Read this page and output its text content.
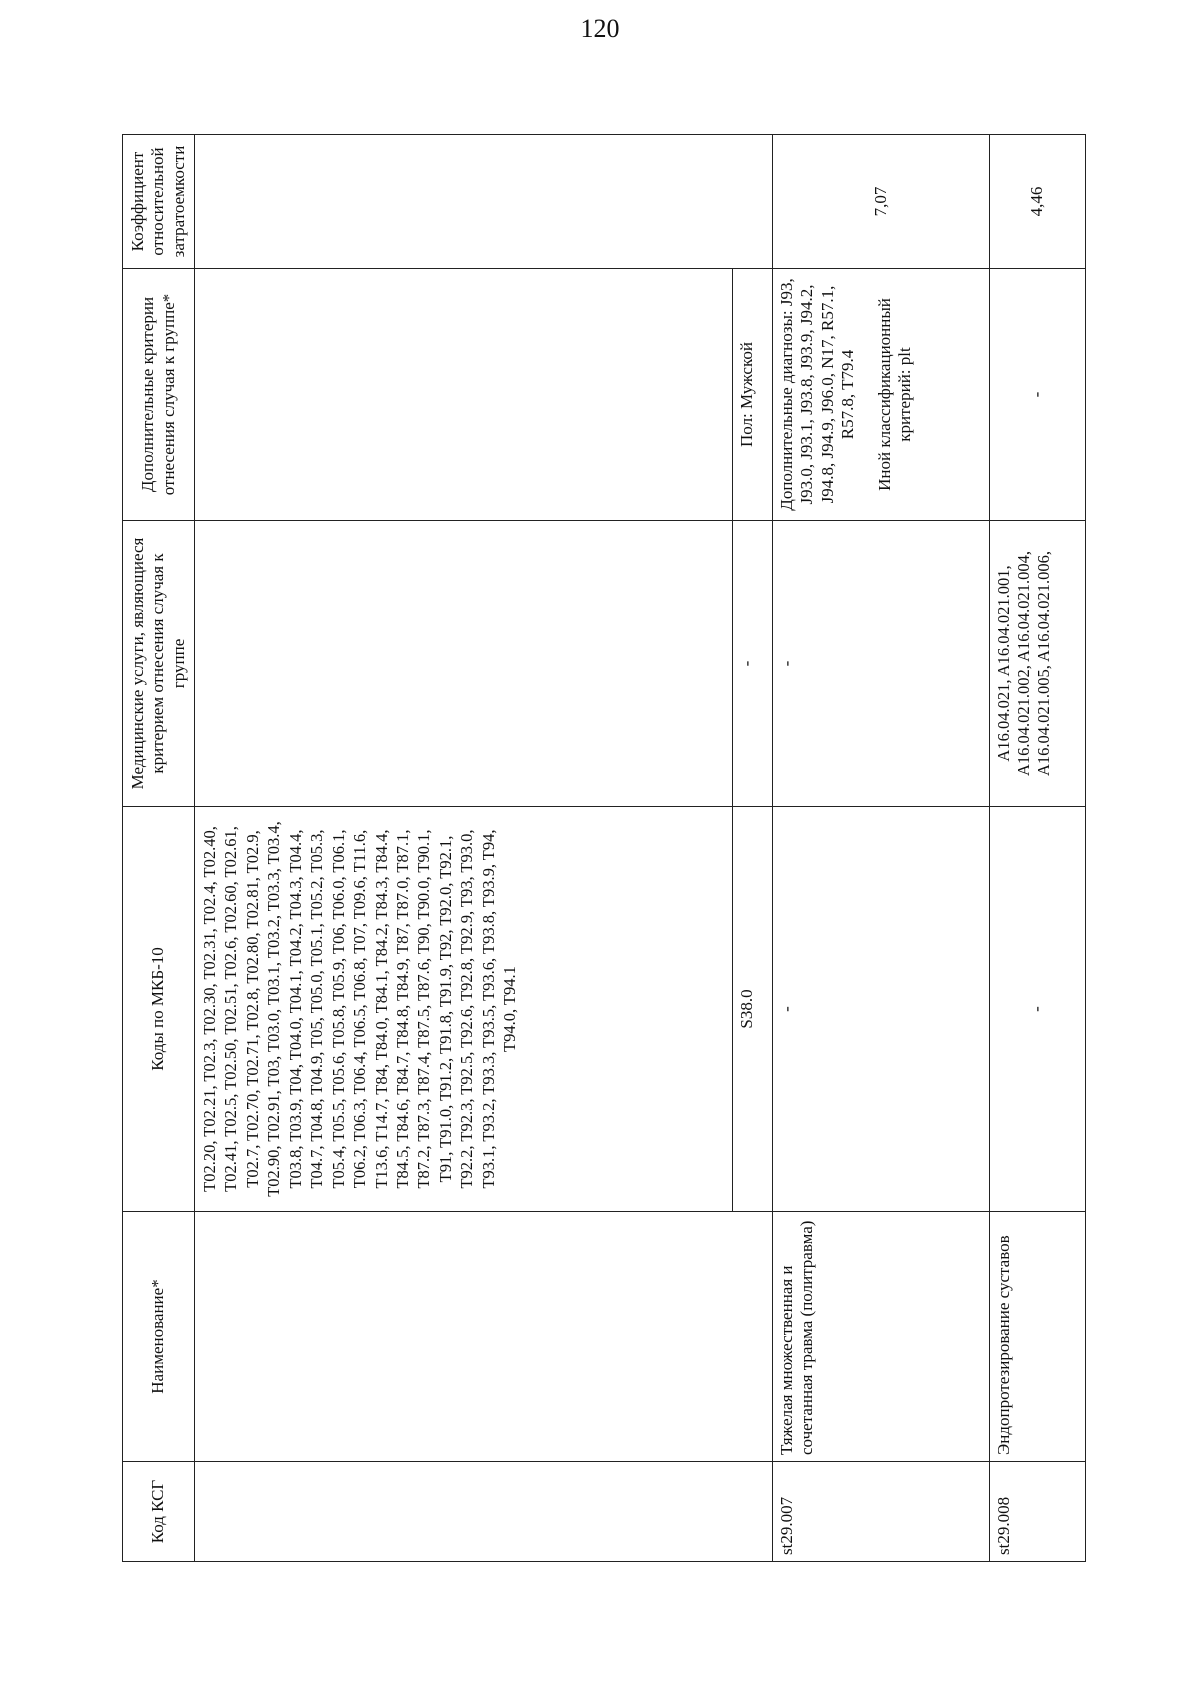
120
Код КСГ	Наименование*	Коды по МКБ-10	Медицинские услуги, являющиеся критерием отнесения случая к группе	Дополнительные критерии отнесения случая к группе*	Коэффициент относительной затратоемкости
		T02.20, T02.21, T02.3, T02.30, T02.31, T02.4, T02.40, T02.41, T02.5, T02.50, T02.51, T02.6, T02.60, T02.61, T02.7, T02.70, T02.71, T02.8, T02.80, T02.81, T02.9, T02.90, T02.91, T03, T03.0, T03.1, T03.2, T03.3, T03.4, T03.8, T03.9, T04, T04.0, T04.1, T04.2, T04.3, T04.4, T04.7, T04.8, T04.9, T05, T05.0, T05.1, T05.2, T05.3, T05.4, T05.5, T05.6, T05.8, T05.9, T06, T06.0, T06.1, T06.2, T06.3, T06.4, T06.5, T06.8, T07, T09.6, T11.6, T13.6, T14.7, T84, T84.0, T84.1, T84.2, T84.3, T84.4, T84.5, T84.6, T84.7, T84.8, T84.9, T87, T87.0, T87.1, T87.2, T87.3, T87.4, T87.5, T87.6, T90, T90.0, T90.1, T91, T91.0, T91.2, T91.8, T91.9, T92, T92.0, T92.1, T92.2, T92.3, T92.5, T92.6, T92.8, T92.9, T93, T93.0, T93.1, T93.2, T93.3, T93.5, T93.6, T93.8, T93.9, T94, T94.0, T94.1			
		S38.0	-	Пол: Мужской	
st29.007	Тяжелая множественная и сочетанная травма (политравма)	-	-	Дополнительные диагнозы: J93, J93.0, J93.1, J93.8, J93.9, J94.2, J94.8, J94.9, J96.0, N17, R57.1, R57.8, T79.4 Иной классификационный критерий: plt	7,07
st29.008	Эндопротезирование суставов	-	A16.04.021, A16.04.021.001, A16.04.021.002, A16.04.021.004, A16.04.021.005, A16.04.021.006,	-	4,46
